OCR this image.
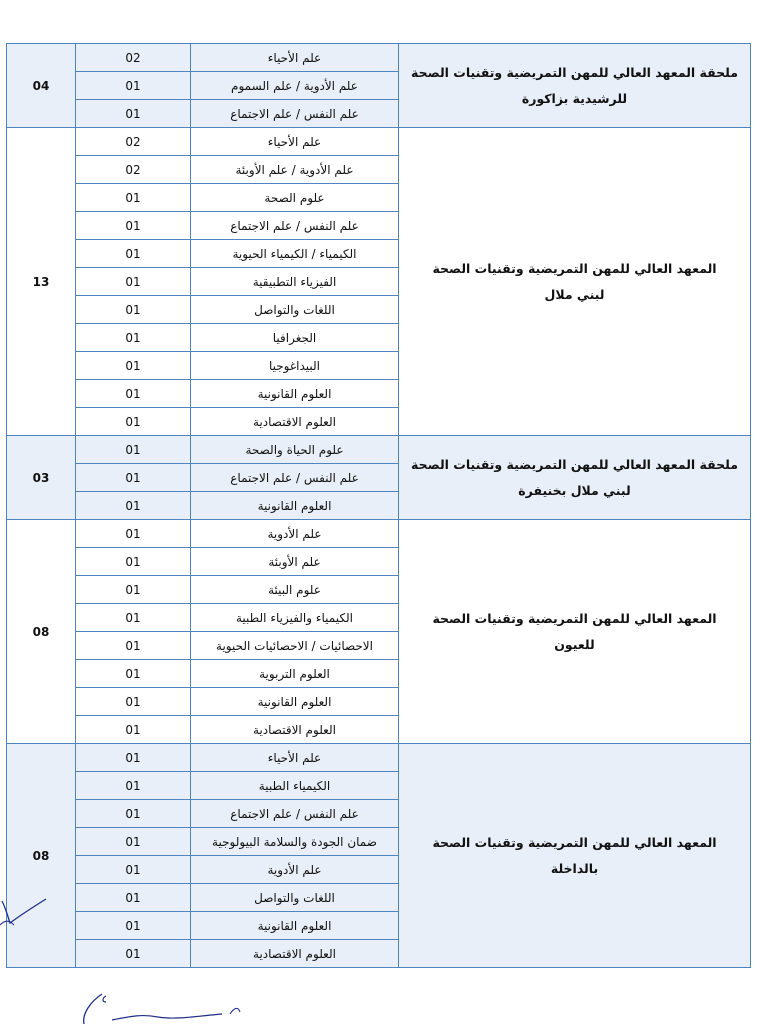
04	02	علم الأحياء	ملحقة المعهد العالي للمهن التمريضية وتقنيات الصحة
للرشيدية بزاكورة

	01	علم الأدوية / علم السموم	
	01	علم النفس / علم الاجتماع	
13	02	علم الأحياء	المعهد العالي للمهن التمريضية وتقنيات الصحة
لبني ملال

	02	علم الأدوية / علم الأوبئة	
	01	علوم الصحة	
	01	علم النفس / علم الاجتماع	
	01	الكيمياء / الكيمياء الحيوية	
	01	الفيزياء التطبيقية	
	01	اللغات والتواصل	
	01	الجغرافيا	
	01	البيداغوجيا	
	01	العلوم القانونية	
	01	العلوم الاقتصادية	
03	01	علوم الحياة والصحة	ملحقة المعهد العالي للمهن التمريضية وتقنيات الصحة
لبني ملال بخنيفرة

	01	علم النفس / علم الاجتماع	
	01	العلوم القانونية	
08	01	علم الأدوية	المعهد العالي للمهن التمريضية وتقنيات الصحة
للعيون

	01	علم الأوبئة	
	01	علوم البيئة	
	01	الكيمياء والفيزياء الطبية	
	01	الاحصائيات / الاحصائيات الحيوية	
	01	العلوم التربوية	
	01	العلوم القانونية	
	01	العلوم الاقتصادية	
08	01	علم الأحياء	المعهد العالي للمهن التمريضية وتقنيات الصحة
بالداخلة

	01	الكيمياء الطبية	
	01	علم النفس / علم الاجتماع	
	01	ضمان الجودة والسلامة البيولوجية	
	01	علم الأدوية	
	01	اللغات والتواصل	
	01	العلوم القانونية	
	01	العلوم الاقتصادية	
